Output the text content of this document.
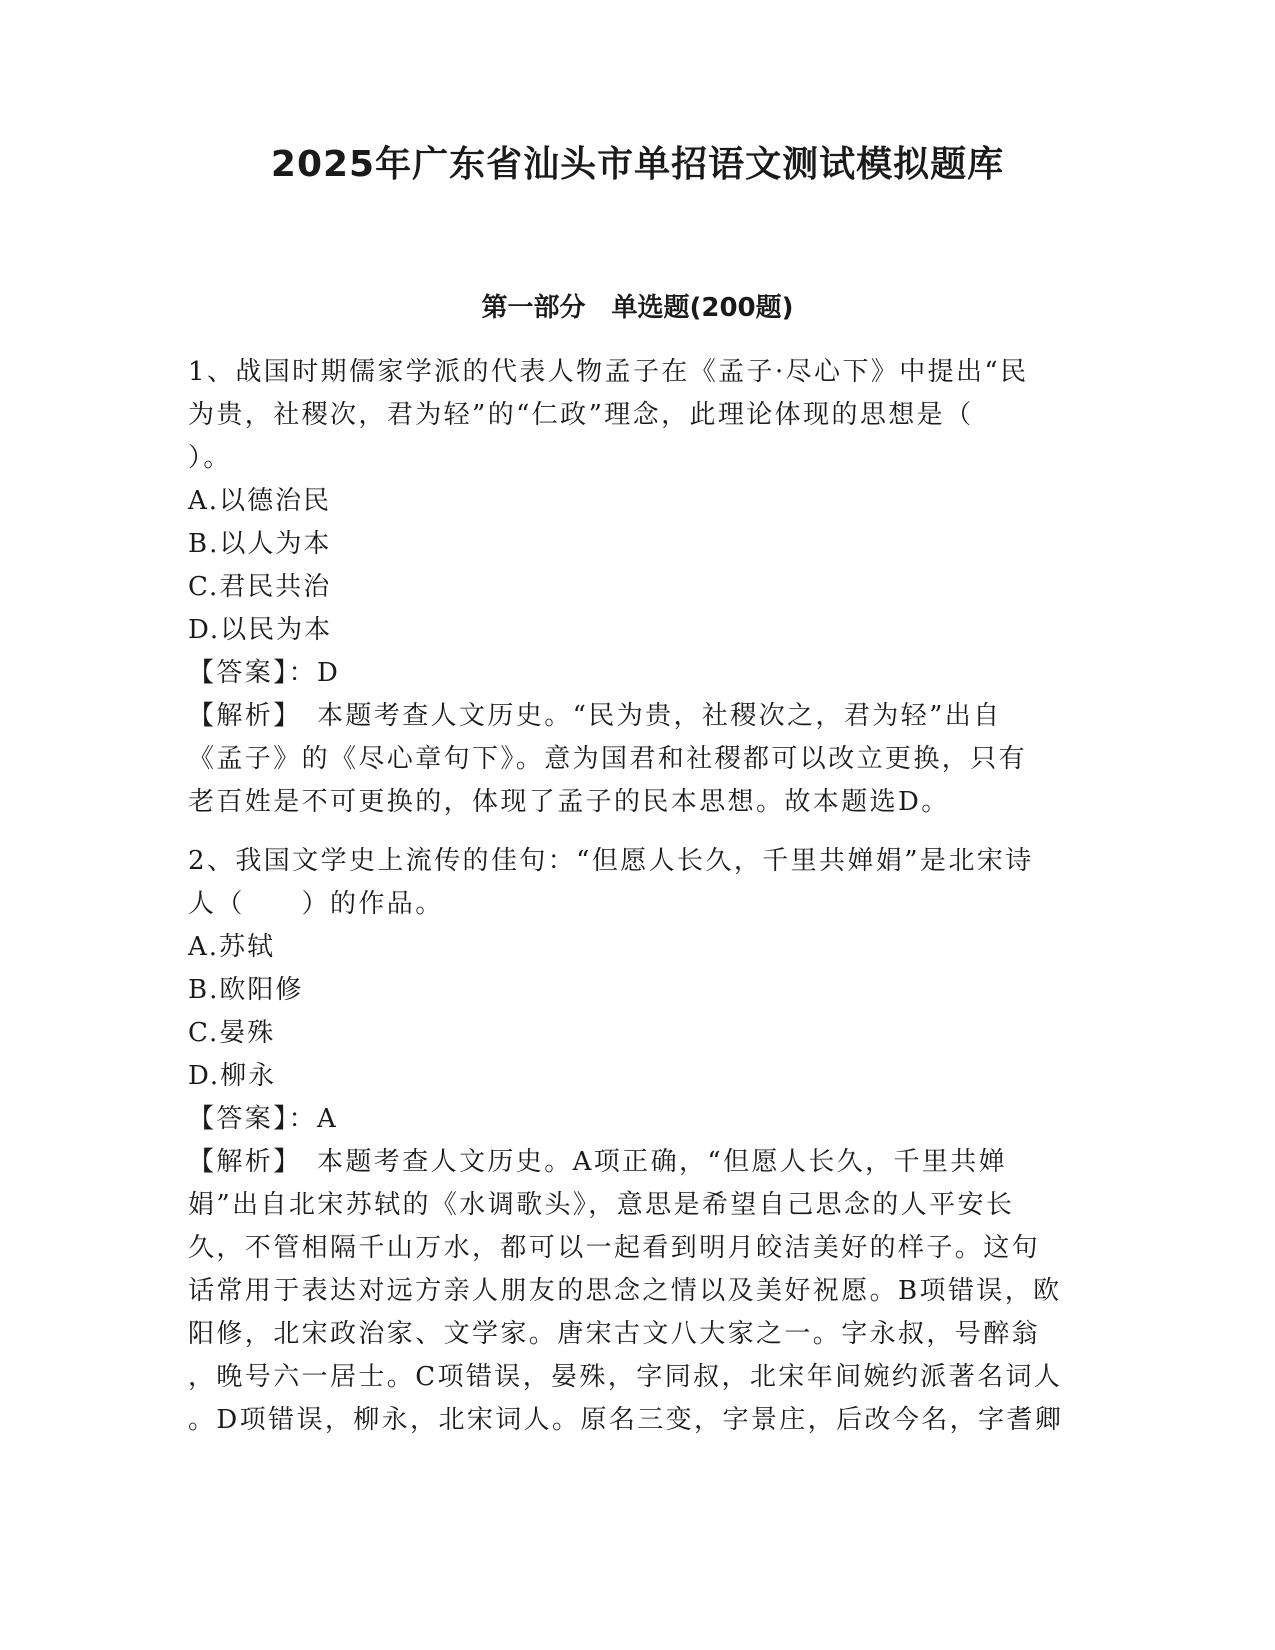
2025年广东省汕头市单招语文测试模拟题库
第一部分　单选题(200题)
1、战国时期儒家学派的代表人物孟子在《孟子·尽心下》中提出“民
为贵，社稷次，君为轻”的“仁政”理念，此理论体现的思想是（
）。
A.以德治民
B.以人为本
C.君民共治
D.以民为本
【答案】：D
【解析】　本题考查人文历史。“民为贵，社稷次之，君为轻”出自
《孟子》的《尽心章句下》。意为国君和社稷都可以改立更换，只有
老百姓是不可更换的，体现了孟子的民本思想。故本题选D。
2、我国文学史上流传的佳句：“但愿人长久，千里共婵娟”是北宋诗
人（　　）的作品。
A.苏轼
B.欧阳修
C.晏殊
D.柳永
【答案】：A
【解析】　本题考查人文历史。A项正确，“但愿人长久，千里共婵
娟”出自北宋苏轼的《水调歌头》，意思是希望自己思念的人平安长
久，不管相隔千山万水，都可以一起看到明月皎洁美好的样子。这句
话常用于表达对远方亲人朋友的思念之情以及美好祝愿。B项错误，欧
阳修，北宋政治家、文学家。唐宋古文八大家之一。字永叔，号醉翁
，晚号六一居士。C项错误，晏殊，字同叔，北宋年间婉约派著名词人
。D项错误，柳永，北宋词人。原名三变，字景庄，后改今名，字耆卿
